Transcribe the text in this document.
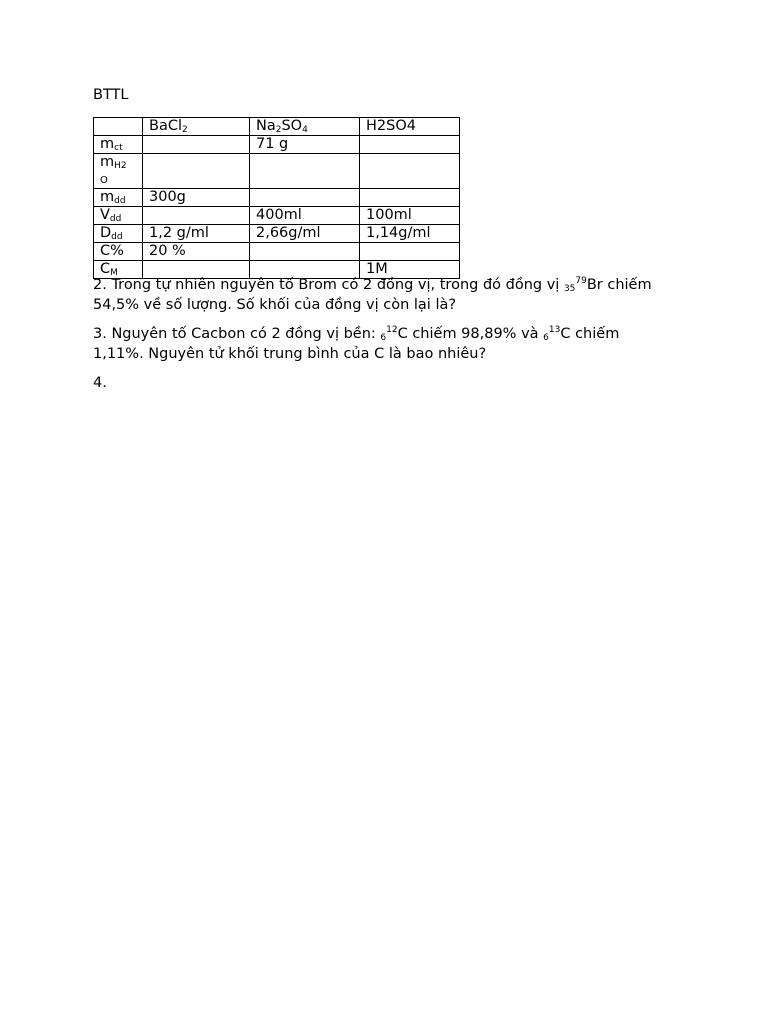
BTTL
	BaCl$_2$	$Na_2SO_4$	H2SO4
$m_{ct}$		71 g	
$m_{H2}$
O			
$m_{dd}$	300g		
$V_{dd}$		400ml	100ml
$D_{dd}$	1,2 g/ml	2,66g/ml	1,14g/ml
C%	20 %		
$C_M$			1M
2. Trong tự nhiên nguyên tố Brom có 2 đồng vị, trong đó đồng vị $_{35}^{79}$Br chiếm 54,5% về số lượng. Số khối của đồng vị còn lại là?
3. Nguyên tố Cacbon có 2 đồng vị bền: $_6^{12}$C chiếm 98,89% và $_6^{13}$C chiếm 1,11%. Nguyên tử khối trung bình của C là bao nhiêu?
4.
